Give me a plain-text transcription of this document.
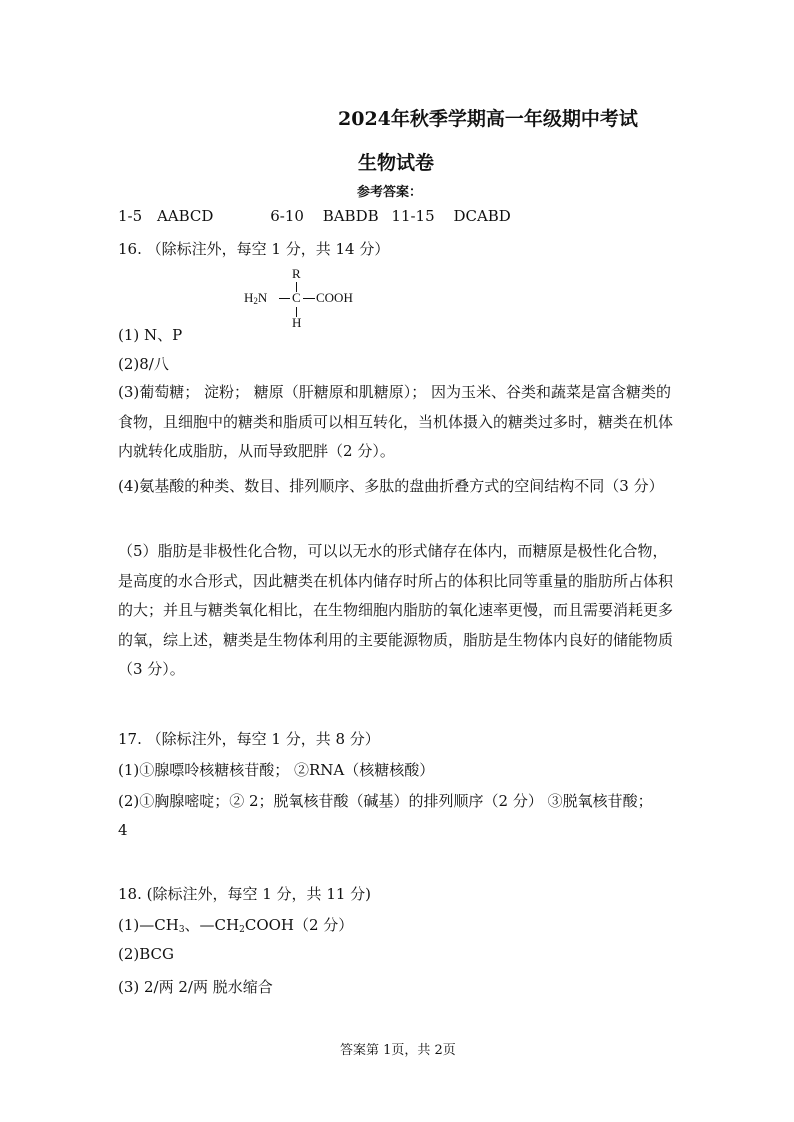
2024年秋季学期高一年级期中考试
生物试卷
参考答案：
1-5 AABCD	6-10 BABDB 11-15 DCABD
16. （除标注外，每空 1 分，共 14 分）
R
$H_2N$ C COOH
H
(1) N、P
(2)8/八
(3)葡萄糖； 淀粉； 糖原（肝糖原和肌糖原）； 因为玉米、谷类和蔬菜是富含糖类的食物，且细胞中的糖类和脂质可以相互转化，当机体摄入的糖类过多时，糖类在机体内就转化成脂肪，从而导致肥胖（2 分）。
(4)氨基酸的种类、数目、排列顺序、多肽的盘曲折叠方式的空间结构不同（3 分）
（5）脂肪是非极性化合物，可以以无水的形式储存在体内，而糖原是极性化合物，是高度的水合形式，因此糖类在机体内储存时所占的体积比同等重量的脂肪所占体积的大；并且与糖类氧化相比，在生物细胞内脂肪的氧化速率更慢，而且需要消耗更多的氧，综上述，糖类是生物体利用的主要能源物质，脂肪是生物体内良好的储能物质（3 分）。
17. （除标注外，每空 1 分，共 8 分）
(1)①腺嘌呤核糖核苷酸； ②RNA（核糖核酸）
(2)①胸腺嘧啶；② 2；脱氧核苷酸（碱基）的排列顺序（2 分） ③脱氧核苷酸；
4
18. (除标注外，每空 1 分，共 11 分)
$(1)—CH_3$、$—CH_2COOH(2$ 分）
(2)BCG
(3) 2/两 2/两 脱水缩合
答案第 1页，共 2页
